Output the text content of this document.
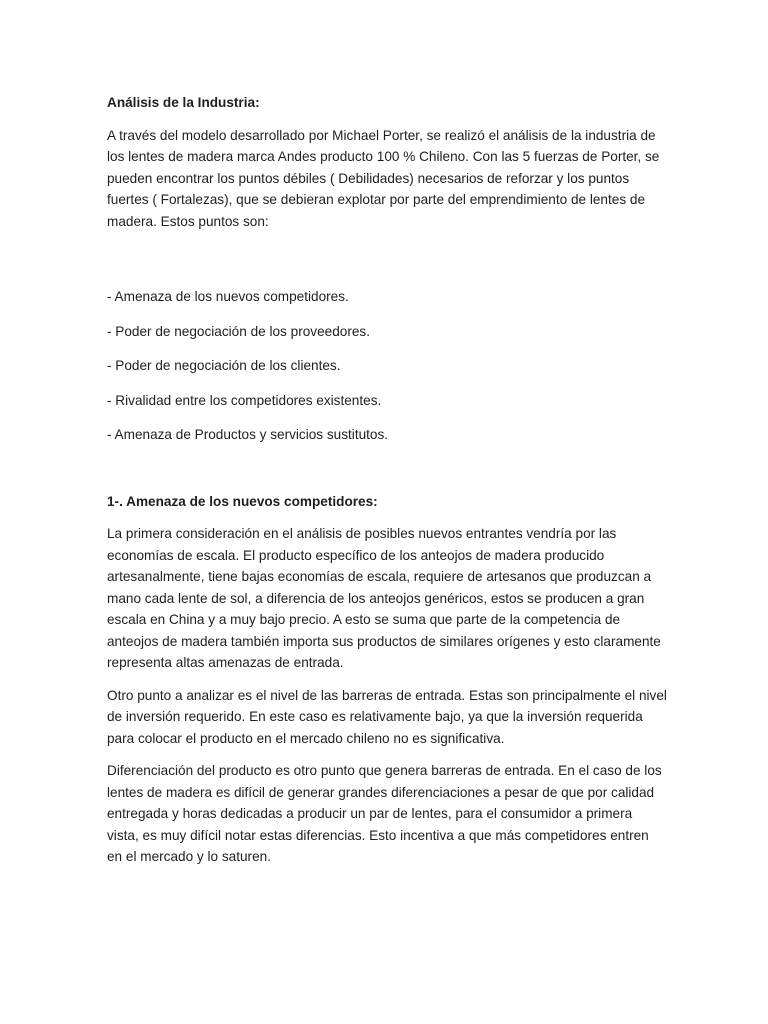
Análisis de la Industria:

A través del modelo desarrollado por Michael Porter, se realizó el análisis de la industria de los lentes de madera marca Andes producto 100 % Chileno. Con las 5 fuerzas de Porter, se pueden encontrar los puntos débiles ( Debilidades) necesarios de reforzar y los puntos fuertes ( Fortalezas), que se debieran explotar por parte del emprendimiento de lentes de madera. Estos puntos son:

- Amenaza de los nuevos competidores.
- Poder de negociación de los proveedores.
- Poder de negociación de los clientes.
- Rivalidad entre los competidores existentes.
- Amenaza de Productos y servicios sustitutos.

1-. Amenaza de los nuevos competidores:

La primera consideración en el análisis de posibles nuevos entrantes vendría por las economías de escala. El producto específico de los anteojos de madera producido artesanalmente, tiene bajas economías de escala, requiere de artesanos que produzcan a mano cada lente de sol, a diferencia de los anteojos genéricos, estos se producen a gran escala en China y a muy bajo precio. A esto se suma que parte de la competencia de anteojos de madera también importa sus productos de similares orígenes y esto claramente representa altas amenazas de entrada.

Otro punto a analizar es el nivel de las barreras de entrada. Estas son principalmente el nivel de inversión requerido. En este caso es relativamente bajo, ya que la inversión requerida para colocar el producto en el mercado chileno no es significativa.

Diferenciación del producto es otro punto que genera barreras de entrada. En el caso de los lentes de madera es difícil de generar grandes diferenciaciones a pesar de que por calidad entregada y horas dedicadas a producir un par de lentes, para el consumidor a primera vista, es muy difícil notar estas diferencias. Esto incentiva a que más competidores entren en el mercado y lo saturen.
